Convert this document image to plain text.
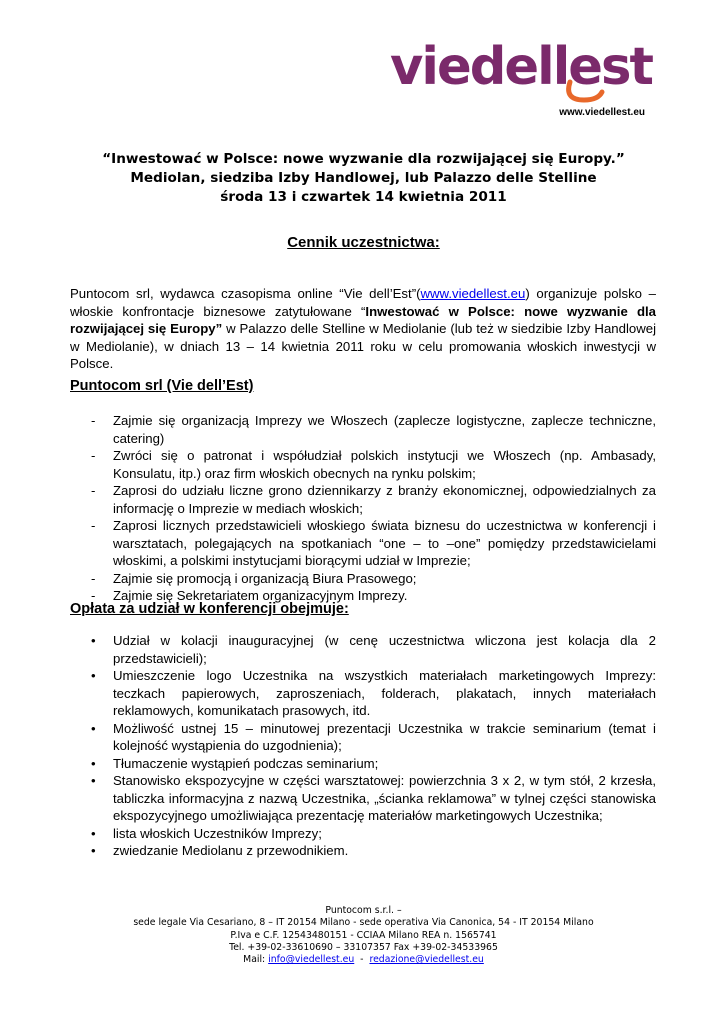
viedellest
www.viedellest.eu
“Inwestować w Polsce: nowe wyzwanie dla rozwijającej się Europy.”
Mediolan, siedziba Izby Handlowej, lub Palazzo delle Stelline
środa 13 i czwartek 14 kwietnia 2011
Cennik uczestnictwa:
Puntocom srl, wydawca czasopisma online “Vie dell’Est”(www.viedellest.eu) organizuje polsko – włoskie konfrontacje biznesowe zatytułowane “Inwestować w Polsce: nowe wyzwanie dla rozwijającej się Europy” w Palazzo delle Stelline w Mediolanie (lub też w siedzibie Izby Handlowej w Mediolanie), w dniach 13 – 14 kwietnia 2011 roku w celu promowania włoskich inwestycji w Polsce.
Puntocom srl (Vie dell’Est)
- Zajmie się organizacją Imprezy we Włoszech (zaplecze logistyczne, zaplecze techniczne, catering)
- Zwróci się o patronat i współudział polskich instytucji we Włoszech (np. Ambasady, Konsulatu, itp.) oraz firm włoskich obecnych na rynku polskim;
- Zaprosi do udziału liczne grono dziennikarzy z branży ekonomicznej, odpowiedzialnych za informację o Imprezie w mediach włoskich;
- Zaprosi licznych przedstawicieli włoskiego świata biznesu do uczestnictwa w konferencji i warsztatach, polegających na spotkaniach “one – to –one” pomiędzy przedstawicielami włoskimi, a polskimi instytucjami biorącymi udział w Imprezie;
- Zajmie się promocją i organizacją Biura Prasowego;
- Zajmie się Sekretariatem organizacyjnym Imprezy.
Opłata za udział w konferencji obejmuje:
• Udział w kolacji inauguracyjnej (w cenę uczestnictwa wliczona jest kolacja dla 2 przedstawicieli);
• Umieszczenie logo Uczestnika na wszystkich materiałach marketingowych Imprezy: teczkach papierowych, zaproszeniach, folderach, plakatach, innych materiałach reklamowych, komunikatach prasowych, itd.
• Możliwość ustnej 15 – minutowej prezentacji Uczestnika w trakcie seminarium (temat i kolejność wystąpienia do uzgodnienia);
• Tłumaczenie wystąpień podczas seminarium;
• Stanowisko ekspozycyjne w części warsztatowej: powierzchnia 3 x 2, w tym stół, 2 krzesła, tabliczka informacyjna z nazwą Uczestnika, „ścianka reklamowa” w tylnej części stanowiska ekspozycyjnego umożliwiająca prezentację materiałów marketingowych Uczestnika;
• lista włoskich Uczestników Imprezy;
• zwiedzanie Mediolanu z przewodnikiem.
Puntocom s.r.l. –
sede legale Via Cesariano, 8 – IT 20154 Milano - sede operativa Via Canonica, 54 - IT 20154 Milano
P.Iva e C.F. 12543480151 - CCIAA Milano REA n. 1565741
Tel. +39-02-33610690 – 33107357 Fax +39-02-34533965
Mail: info@viedellest.eu  -  redazione@viedellest.eu
